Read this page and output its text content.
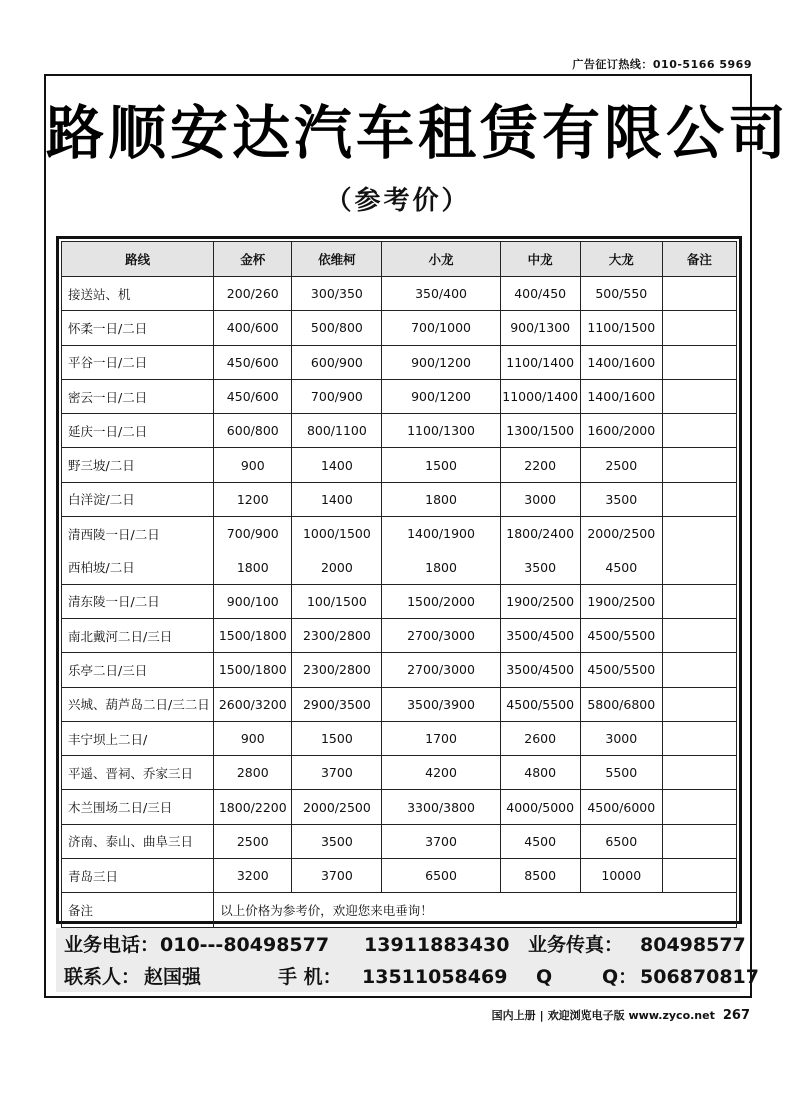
广告征订热线：010-5166 5969
路顺安达汽车租赁有限公司
（参考价）
路线	金杯	依维柯	小龙	中龙	大龙	备注
接送站、机	200/260	300/350	350/400	400/450	500/550	
怀柔一日/二日	400/600	500/800	700/1000	900/1300	1100/1500	
平谷一日/二日	450/600	600/900	900/1200	1100/1400	1400/1600	
密云一日/二日	450/600	700/900	900/1200	11000/1400	1400/1600	
延庆一日/二日	600/800	800/1100	1100/1300	1300/1500	1600/2000	
野三坡/二日	900	1400	1500	2200	2500	
白洋淀/二日	1200	1400	1800	3000	3500	
清西陵一日/二日	700/900	1000/1500	1400/1900	1800/2400	2000/2500	
西柏坡/二日	1800	2000	1800	3500	4500	
清东陵一日/二日	900/100	100/1500	1500/2000	1900/2500	1900/2500	
南北戴河二日/三日	1500/1800	2300/2800	2700/3000	3500/4500	4500/5500	
乐亭二日/三日	1500/1800	2300/2800	2700/3000	3500/4500	4500/5500	
兴城、葫芦岛二日/三二日	2600/3200	2900/3500	3500/3900	4500/5500	5800/6800	
丰宁坝上二日/	900	1500	1700	2600	3000	
平遥、晋祠、乔家三日	2800	3700	4200	4800	5500	
木兰围场二日/三日	1800/2200	2000/2500	3300/3800	4000/5000	4500/6000	
济南、泰山、曲阜三日	2500	3500	3700	4500	6500	
青岛三日	3200	3700	6500	8500	10000	
备注	以上价格为参考价，欢迎您来电垂询！					
业务电话： 010---80498577 13911883430 业务传真： 80498577
联系人： 赵国强	手 机： 13511058469 Q	Q： 506870817
国内上册 | 欢迎浏览电子版 www.zyco.net 267
